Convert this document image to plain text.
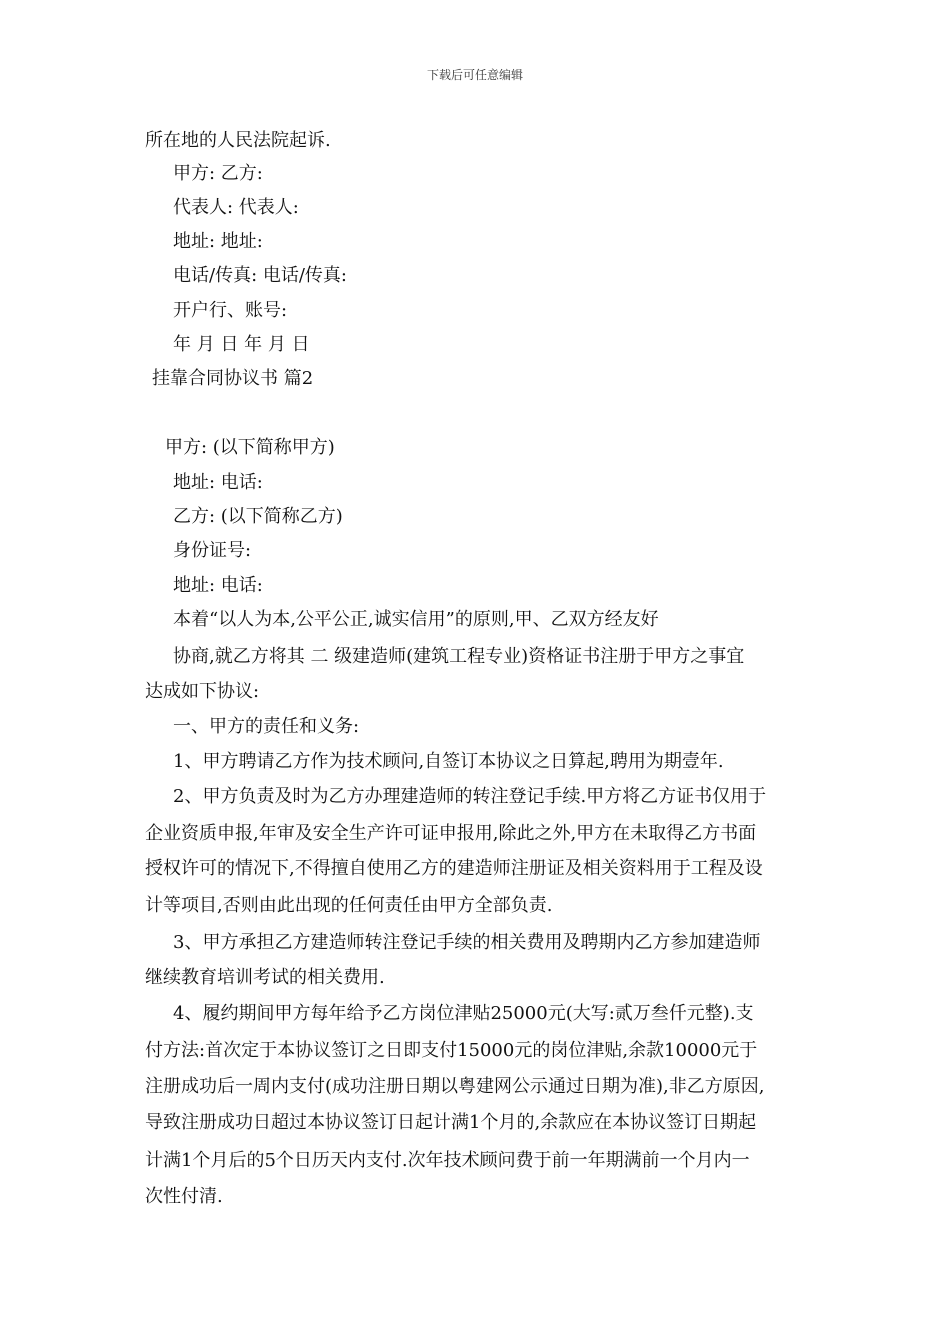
下载后可任意编辑
所在地的人民法院起诉.
甲方: 乙方:
代表人: 代表人:
地址: 地址:
电话/传真: 电话/传真:
开户行、账号:
年 月 日 年 月 日
挂靠合同协议书 篇2
甲方: (以下简称甲方)
地址: 电话:
乙方: (以下简称乙方)
身份证号:
地址: 电话:
本着“以人为本,公平公正,诚实信用”的原则,甲、乙双方经友好
协商,就乙方将其 二 级建造师(建筑工程专业)资格证书注册于甲方之事宜
达成如下协议:
一、甲方的责任和义务:
1、甲方聘请乙方作为技术顾问,自签订本协议之日算起,聘用为期壹年.
2、甲方负责及时为乙方办理建造师的转注登记手续.甲方将乙方证书仅用于
企业资质申报,年审及安全生产许可证申报用,除此之外,甲方在未取得乙方书面
授权许可的情况下,不得擅自使用乙方的建造师注册证及相关资料用于工程及设
计等项目,否则由此出现的任何责任由甲方全部负责.
3、甲方承担乙方建造师转注登记手续的相关费用及聘期内乙方参加建造师
继续教育培训考试的相关费用.
4、履约期间甲方每年给予乙方岗位津贴25000元(大写:贰万叁仟元整).支
付方法:首次定于本协议签订之日即支付15000元的岗位津贴,余款10000元于
注册成功后一周内支付(成功注册日期以粤建网公示通过日期为准),非乙方原因,
导致注册成功日超过本协议签订日起计满1个月的,余款应在本协议签订日期起
计满1个月后的5个日历天内支付.次年技术顾问费于前一年期满前一个月内一
次性付清.
